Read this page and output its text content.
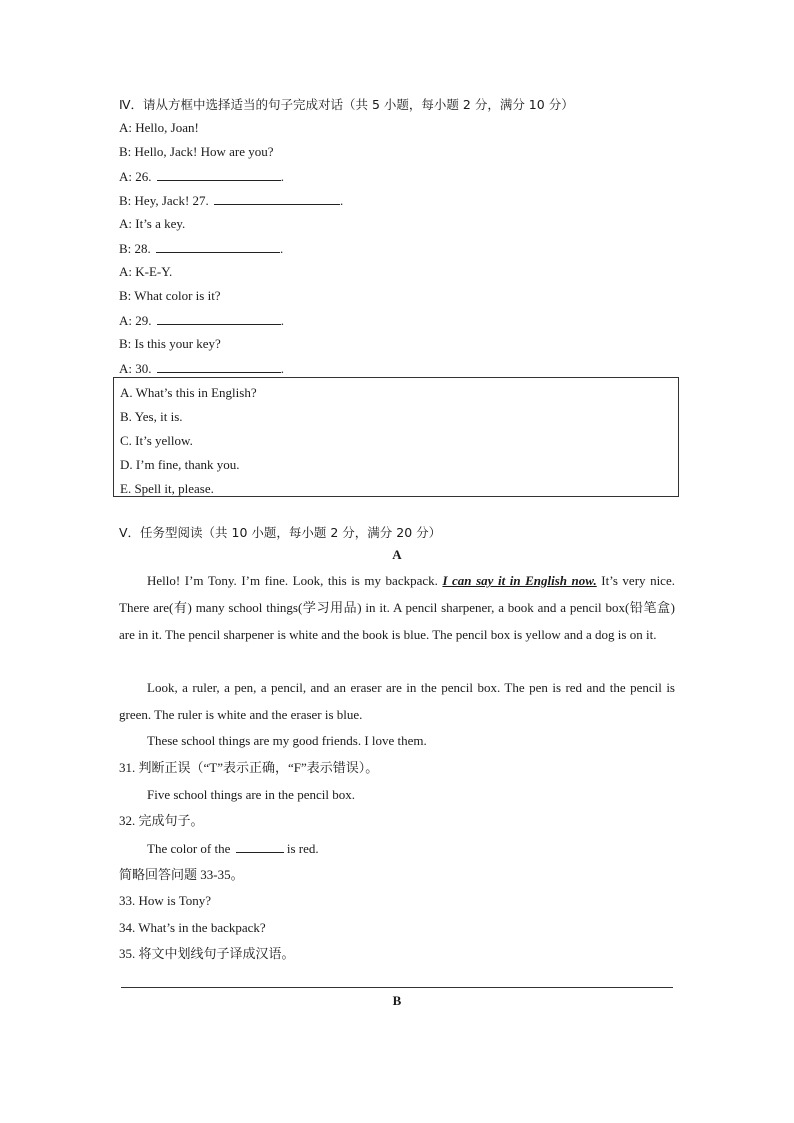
Ⅳ．请从方框中选择适当的句子完成对话（共 5 小题，每小题 2 分，满分 10 分）
A: Hello, Joan!
B: Hello, Jack! How are you?
A: 26.	.
B: Hey, Jack! 27.	.
A: It’s a key.
B: 28.	.
A: K-E-Y.
B: What color is it?
A: 29.	.
B: Is this your key?
A: 30.	.
A. What’s this in English?
B. Yes, it is.
C. It’s yellow.
D. I’m fine, thank you.
E. Spell it, please.
Ⅴ．任务型阅读（共 10 小题，每小题 2 分，满分 20 分）
A
Hello! I’m Tony. I’m fine. Look, this is my backpack. I can say it in English now. It’s very nice. There are(有) many school things(学习用品) in it. A pencil sharpener, a book and a pencil box(铅笔盒) are in it. The pencil sharpener is white and the book is blue. The pencil box is yellow and a dog is on it.
Look, a ruler, a pen, a pencil, and an eraser are in the pencil box. The pen is red and the pencil is green. The ruler is white and the eraser is blue.
These school things are my good friends. I love them.
31. 判断正误（“T”表示正确，“F”表示错误）。
Five school things are in the pencil box.
32. 完成句子。
The color of the	is red.
简略回答问题 33-35。
33. How is Tony?
34. What’s in the backpack?
35. 将文中划线句子译成汉语。
B
